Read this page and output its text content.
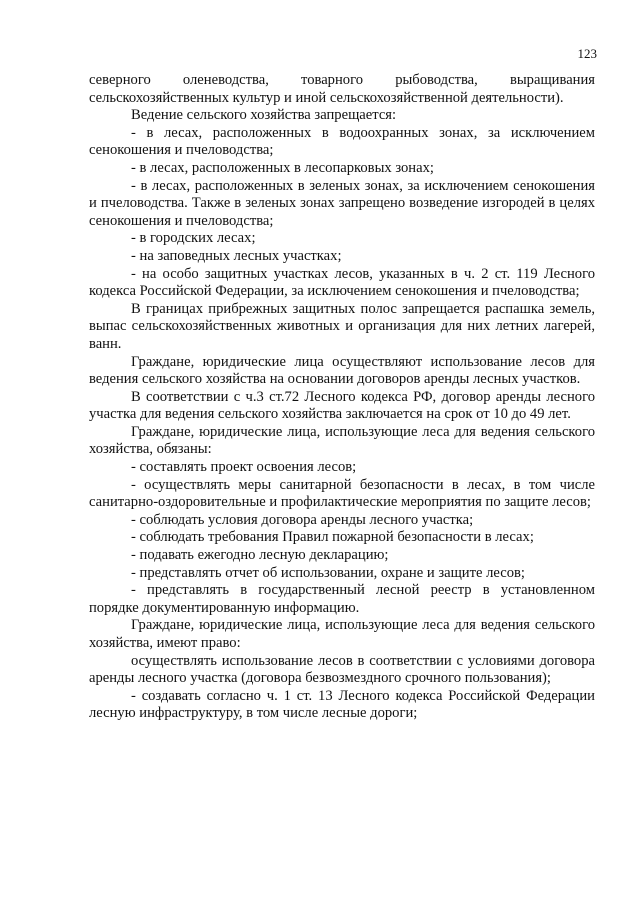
123

северного оленеводства, товарного рыбоводства, выращивания сельскохозяйственных культур и иной сельскохозяйственной деятельности).

Ведение сельского хозяйства запрещается:

- в лесах, расположенных в водоохранных зонах, за исключением сенокошения и пчеловодства;

- в лесах, расположенных в лесопарковых зонах;

- в лесах, расположенных в зеленых зонах, за исключением сенокошения и пчеловодства. Также в зеленых зонах запрещено возведение изгородей в целях сенокошения и пчеловодства;

- в городских лесах;

- на заповедных лесных участках;

- на особо защитных участках лесов, указанных в ч. 2 ст. 119 Лесного кодекса Российской Федерации, за исключением сенокошения и пчеловодства;

В границах прибрежных защитных полос запрещается распашка земель, выпас сельскохозяйственных животных и организация для них летних лагерей, ванн.

Граждане, юридические лица осуществляют использование лесов для ведения сельского хозяйства на основании договоров аренды лесных участков.

В соответствии с ч.3 ст.72 Лесного кодекса РФ, договор аренды лесного участка для ведения сельского хозяйства заключается на срок от 10 до 49 лет.

Граждане, юридические лица, использующие леса для ведения сельского хозяйства, обязаны:

- составлять проект освоения лесов;

- осуществлять меры санитарной безопасности в лесах, в том числе санитарно-оздоровительные и профилактические мероприятия по защите лесов;

- соблюдать условия договора аренды лесного участка;

- соблюдать требования Правил пожарной безопасности в лесах;

- подавать ежегодно лесную декларацию;

- представлять отчет об использовании, охране и защите лесов;

- представлять в государственный лесной реестр в установленном порядке документированную информацию.

Граждане, юридические лица, использующие леса для ведения сельского хозяйства, имеют право:

осуществлять использование лесов в соответствии с условиями договора аренды лесного участка (договора безвозмездного срочного пользования);

- создавать согласно ч. 1 ст. 13 Лесного кодекса Российской Федерации лесную инфраструктуру, в том числе лесные дороги;
